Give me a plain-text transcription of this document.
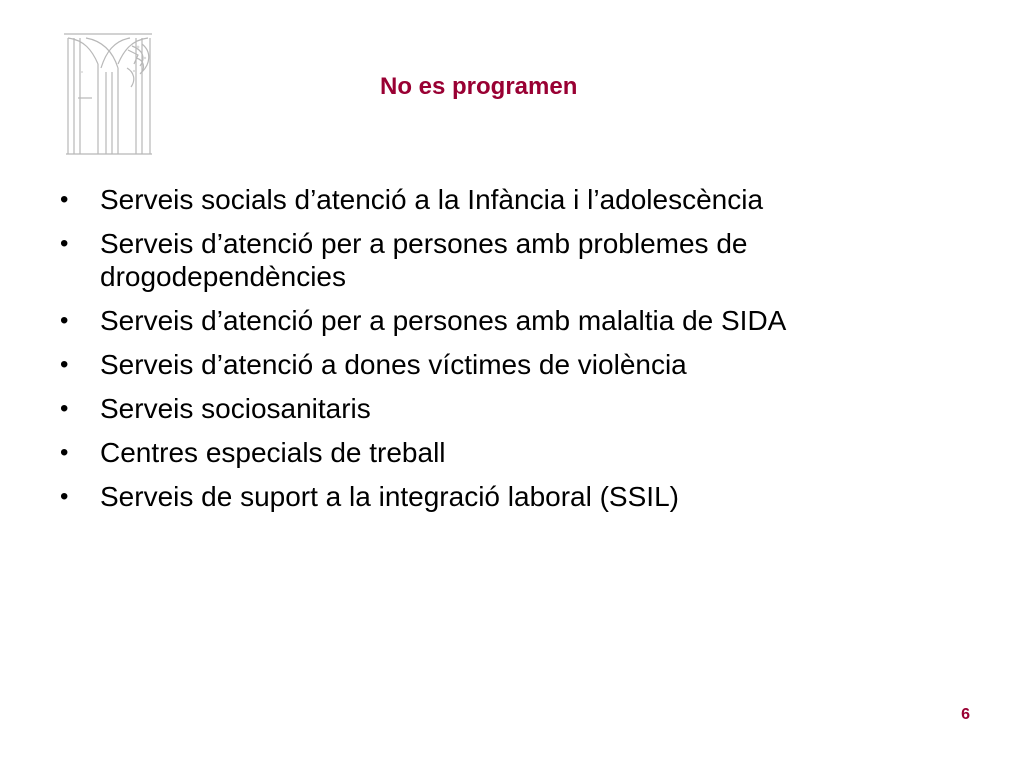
No es programen
•	Serveis socials d’atenció a la Infància i l’adolescència
•	Serveis d’atenció per a persones amb problemes de drogodependències
•	Serveis d’atenció per a persones amb malaltia de SIDA
•	Serveis d’atenció a dones víctimes de violència
•	Serveis sociosanitaris
•	Centres especials de treball
•	Serveis de suport a la integració laboral (SSIL)
6
